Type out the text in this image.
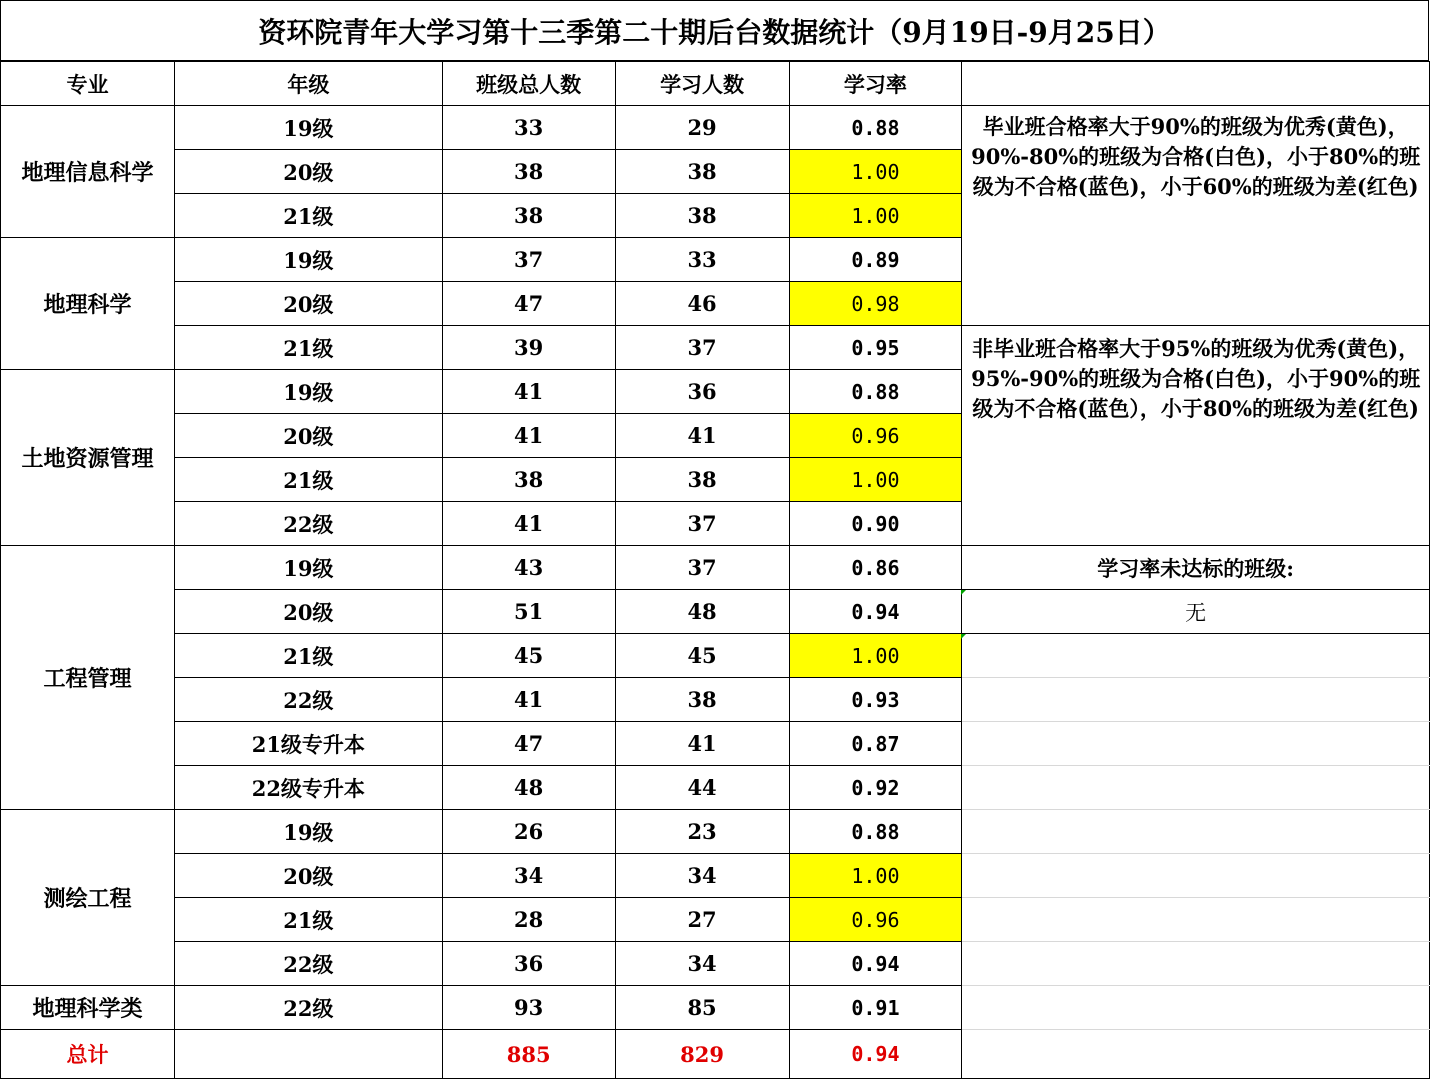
资环院青年大学习第十三季第二十期后台数据统计（9月19日-9月25日）
专业	年级	班级总人数	学习人数	学习率	
地理信息科学	19级	33	29	0.88	毕业班合格率大于90%的班级为优秀(黄色)，90%-80%的班级为合格(白色)，小于80%的班级为不合格(蓝色)，小于60%的班级为差(红色)
	20级	38	38	1.00	
	21级	38	38	1.00	
地理科学	19级	37	33	0.89	
	20级	47	46	0.98	
	21级	39	37	0.95	非毕业班合格率大于95%的班级为优秀(黄色)，95%-90%的班级为合格(白色)，小于90%的班级为不合格(蓝色），小于80%的班级为差(红色)
土地资源管理	19级	41	36	0.88	
	20级	41	41	0.96	
	21级	38	38	1.00	
	22级	41	37	0.90	
工程管理	19级	43	37	0.86	学习率未达标的班级:
	20级	51	48	0.94	无
	21级	45	45	1.00	
	22级	41	38	0.93	
	21级专升本	47	41	0.87	
	22级专升本	48	44	0.92	
测绘工程	19级	26	23	0.88	
	20级	34	34	1.00	
	21级	28	27	0.96	
	22级	36	34	0.94	
地理科学类	22级	93	85	0.91	
总计		885	829	0.94	
